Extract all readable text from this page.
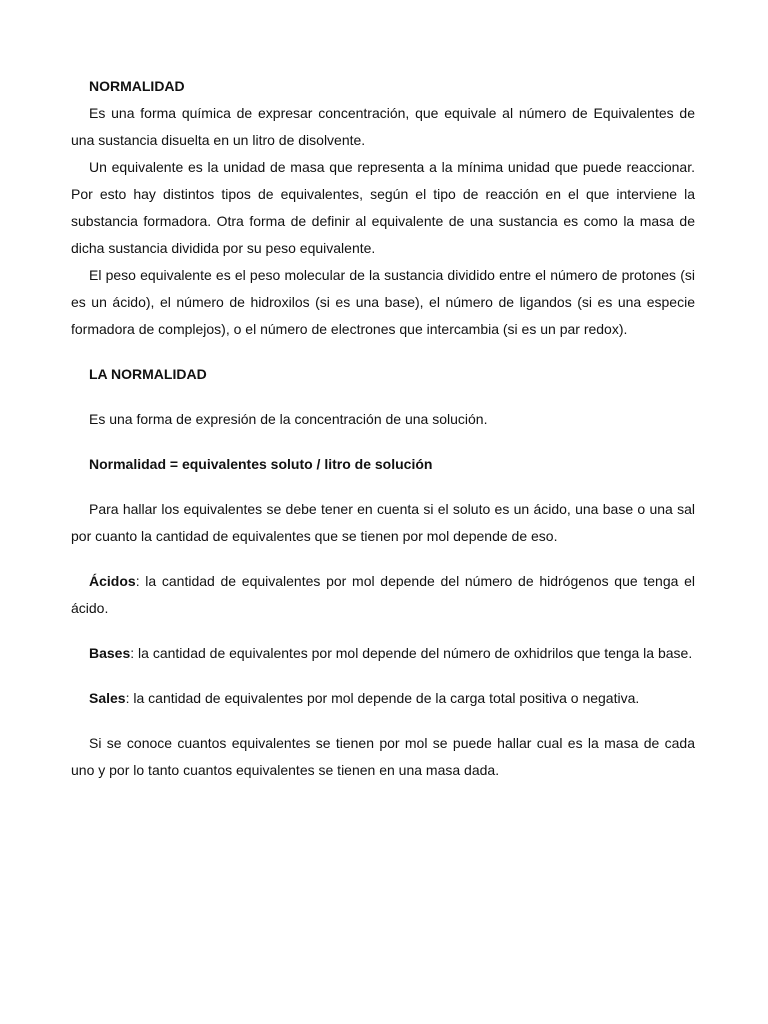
NORMALIDAD

Es una forma química de expresar concentración, que equivale al número de Equivalentes de una sustancia disuelta en un litro de disolvente.

Un equivalente es la unidad de masa que representa a la mínima unidad que puede reaccionar. Por esto hay distintos tipos de equivalentes, según el tipo de reacción en el que interviene la substancia formadora. Otra forma de definir al equivalente de una sustancia es como la masa de dicha sustancia dividida por su peso equivalente.

El peso equivalente es el peso molecular de la sustancia dividido entre el número de protones (si es un ácido), el número de hidroxilos (si es una base), el número de ligandos (si es una especie formadora de complejos), o el número de electrones que intercambia (si es un par redox).

LA NORMALIDAD

Es una forma de expresión de la concentración de una solución.

Normalidad = equivalentes soluto / litro de solución

Para hallar los equivalentes se debe tener en cuenta si el soluto es un ácido, una base o una sal por cuanto la cantidad de equivalentes que se tienen por mol depende de eso.

Ácidos: la cantidad de equivalentes por mol depende del número de hidrógenos que tenga el ácido.

Bases: la cantidad de equivalentes por mol depende del número de oxhidrilos que tenga la base.

Sales: la cantidad de equivalentes por mol depende de la carga total positiva o negativa.

Si se conoce cuantos equivalentes se tienen por mol se puede hallar cual es la masa de cada uno y por lo tanto cuantos equivalentes se tienen en una masa dada.
